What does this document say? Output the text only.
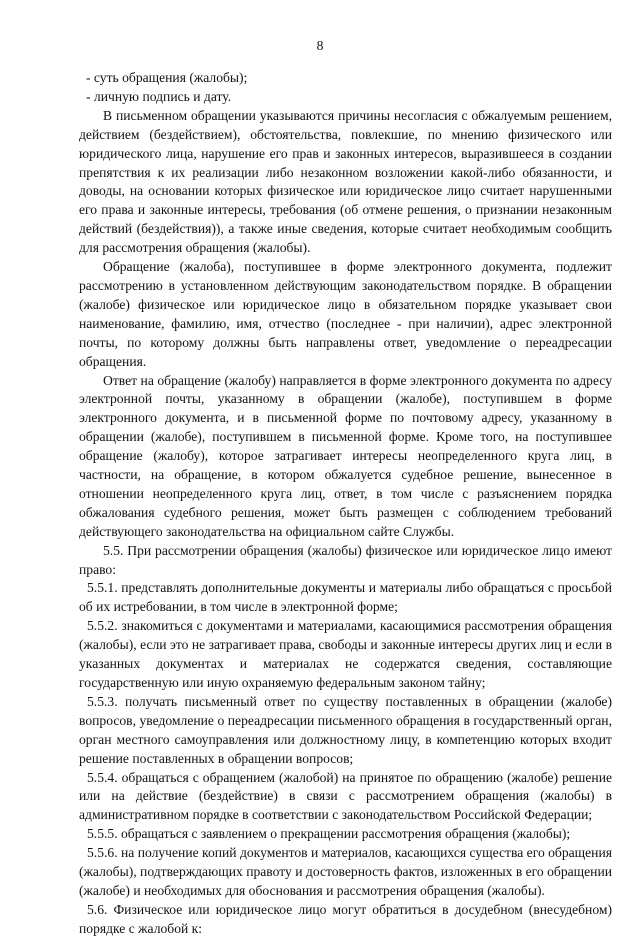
8

- суть обращения (жалобы);

- личную подпись и дату.

В письменном обращении указываются причины несогласия с обжалуемым решением, действием (бездействием), обстоятельства, повлекшие, по мнению физического или юридического лица, нарушение его прав и законных интересов, выразившееся в создании препятствия к их реализации либо незаконном возложении какой-либо обязанности, и доводы, на основании которых физическое или юридическое лицо считает нарушенными его права и законные интересы, требования (об отмене решения, о признании незаконным действий (бездействия)), а также иные сведения, которые считает необходимым сообщить для рассмотрения обращения (жалобы).

Обращение (жалоба), поступившее в форме электронного документа, подлежит рассмотрению в установленном действующим законодательством порядке. В обращении (жалобе) физическое или юридическое лицо в обязательном порядке указывает свои наименование, фамилию, имя, отчество (последнее - при наличии), адрес электронной почты, по которому должны быть направлены ответ, уведомление о переадресации обращения.

Ответ на обращение (жалобу) направляется в форме электронного документа по адресу электронной почты, указанному в обращении (жалобе), поступившем в форме электронного документа, и в письменной форме по почтовому адресу, указанному в обращении (жалобе), поступившем в письменной форме. Кроме того, на поступившее обращение (жалобу), которое затрагивает интересы неопределенного круга лиц, в частности, на обращение, в котором обжалуется судебное решение, вынесенное в отношении неопределенного круга лиц, ответ, в том числе с разъяснением порядка обжалования судебного решения, может быть размещен с соблюдением требований действующего законодательства на официальном сайте Службы.

5.5. При рассмотрении обращения (жалобы) физическое или юридическое лицо имеют право:

5.5.1. представлять дополнительные документы и материалы либо обращаться с просьбой об их истребовании, в том числе в электронной форме;

5.5.2. знакомиться с документами и материалами, касающимися рассмотрения обращения (жалобы), если это не затрагивает права, свободы и законные интересы других лиц и если в указанных документах и материалах не содержатся сведения, составляющие государственную или иную охраняемую федеральным законом тайну;

5.5.3. получать письменный ответ по существу поставленных в обращении (жалобе) вопросов, уведомление о переадресации письменного обращения в государственный орган, орган местного самоуправления или должностному лицу, в компетенцию которых входит решение поставленных в обращении вопросов;

5.5.4. обращаться с обращением (жалобой) на принятое по обращению (жалобе) решение или на действие (бездействие) в связи с рассмотрением обращения (жалобы) в административном порядке в соответствии с законодательством Российской Федерации;

5.5.5. обращаться с заявлением о прекращении рассмотрения обращения (жалобы);

5.5.6. на получение копий документов и материалов, касающихся существа его обращения (жалобы), подтверждающих правоту и достоверность фактов, изложенных в его обращении (жалобе) и необходимых для обоснования и рассмотрения обращения (жалобы).

5.6. Физическое или юридическое лицо могут обратиться в досудебном (внесудебном) порядке с жалобой к:
